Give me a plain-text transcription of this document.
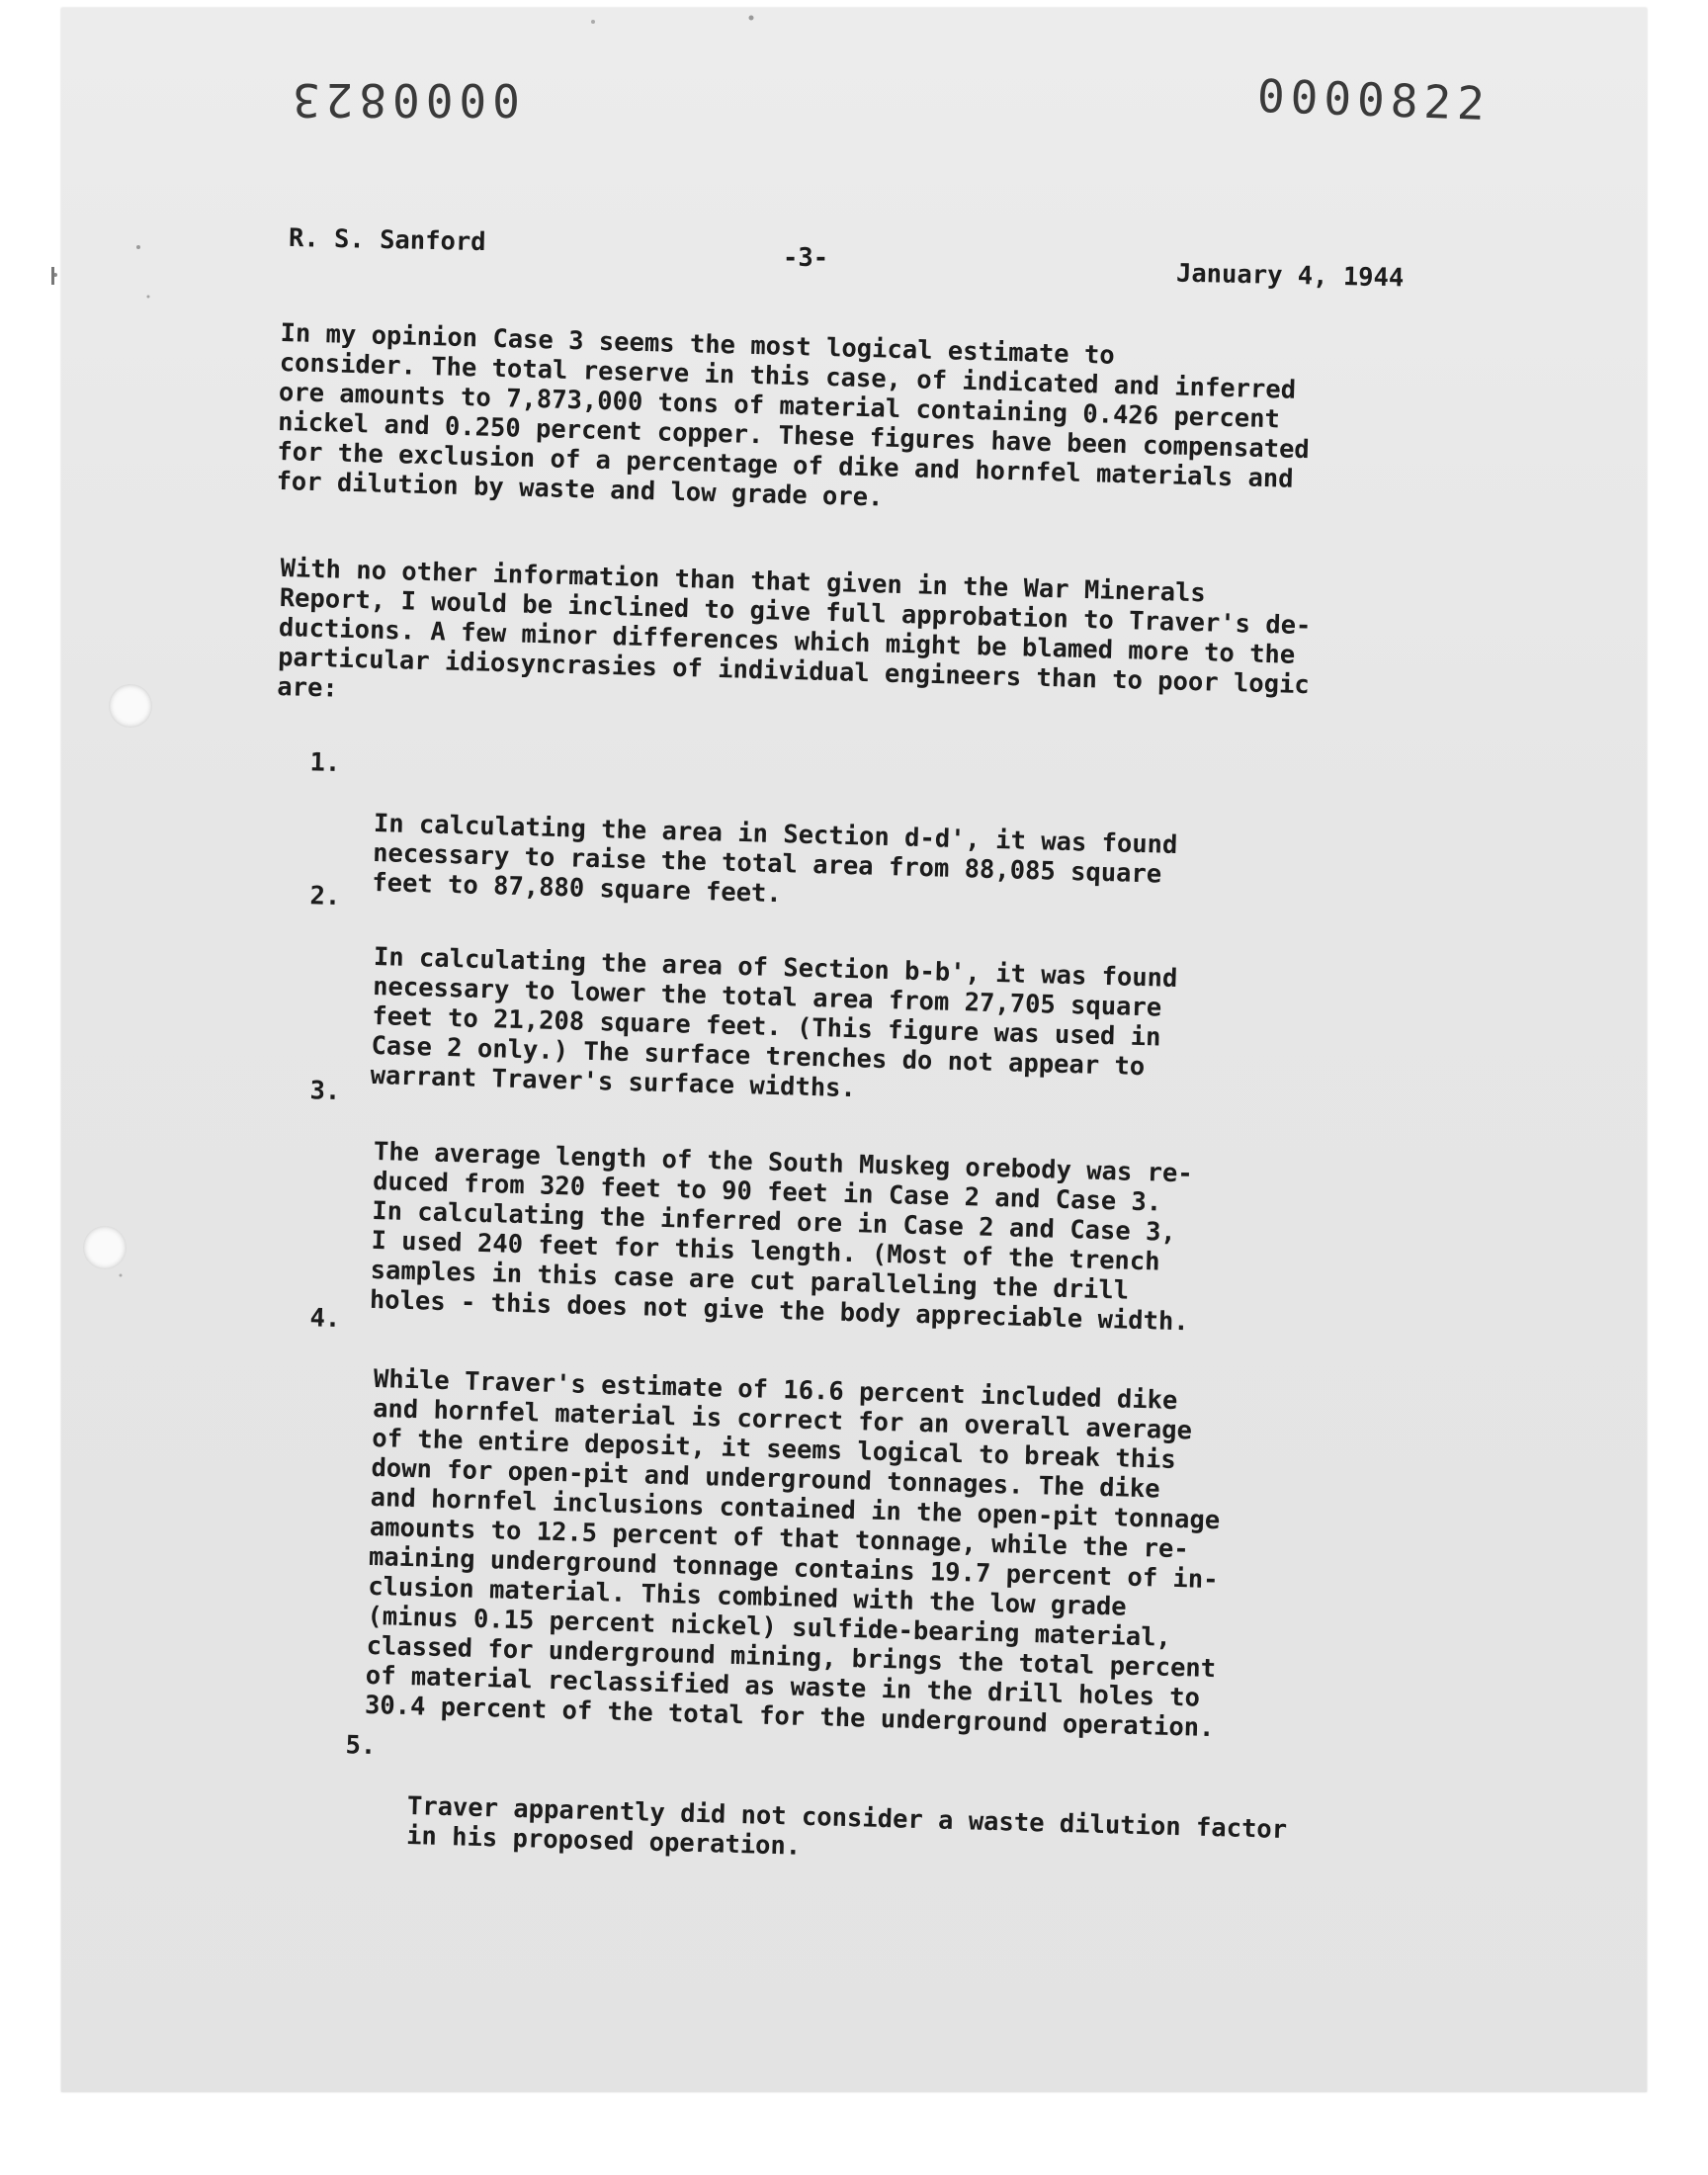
0000823	0000822
R. S. Sanford
-3-
January 4, 1944
In my opinion Case 3 seems the most logical estimate to
consider. The total reserve in this case, of indicated and inferred
ore amounts to 7,873,000 tons of material containing 0.426 percent
nickel and 0.250 percent copper. These figures have been compensated
for the exclusion of a percentage of dike and hornfel materials and
for dilution by waste and low grade ore.
With no other information than that given in the War Minerals
Report, I would be inclined to give full approbation to Traver's de-
ductions. A few minor differences which might be blamed more to the
particular idiosyncrasies of individual engineers than to poor logic
are:

1.

In calculating the area in Section d-d', it was found
necessary to raise the total area from 88,085 square
feet to 87,880 square feet.

2.

In calculating the area of Section b-b', it was found
necessary to lower the total area from 27,705 square
feet to 21,208 square feet. (This figure was used in
Case 2 only.) The surface trenches do not appear to
warrant Traver's surface widths.

3.

The average length of the South Muskeg orebody was re-
duced from 320 feet to 90 feet in Case 2 and Case 3.
In calculating the inferred ore in Case 2 and Case 3,
I used 240 feet for this length. (Most of the trench
samples in this case are cut paralleling the drill
holes - this does not give the body appreciable width.

4.

While Traver's estimate of 16.6 percent included dike
and hornfel material is correct for an overall average
of the entire deposit, it seems logical to break this
down for open-pit and underground tonnages. The dike
and hornfel inclusions contained in the open-pit tonnage
amounts to 12.5 percent of that tonnage, while the re-
maining underground tonnage contains 19.7 percent of in-
clusion material. This combined with the low grade
(minus 0.15 percent nickel) sulfide-bearing material,
classed for underground mining, brings the total percent
of material reclassified as waste in the drill holes to
30.4 percent of the total for the underground operation.

5.

Traver apparently did not consider a waste dilution factor
in his proposed operation.
